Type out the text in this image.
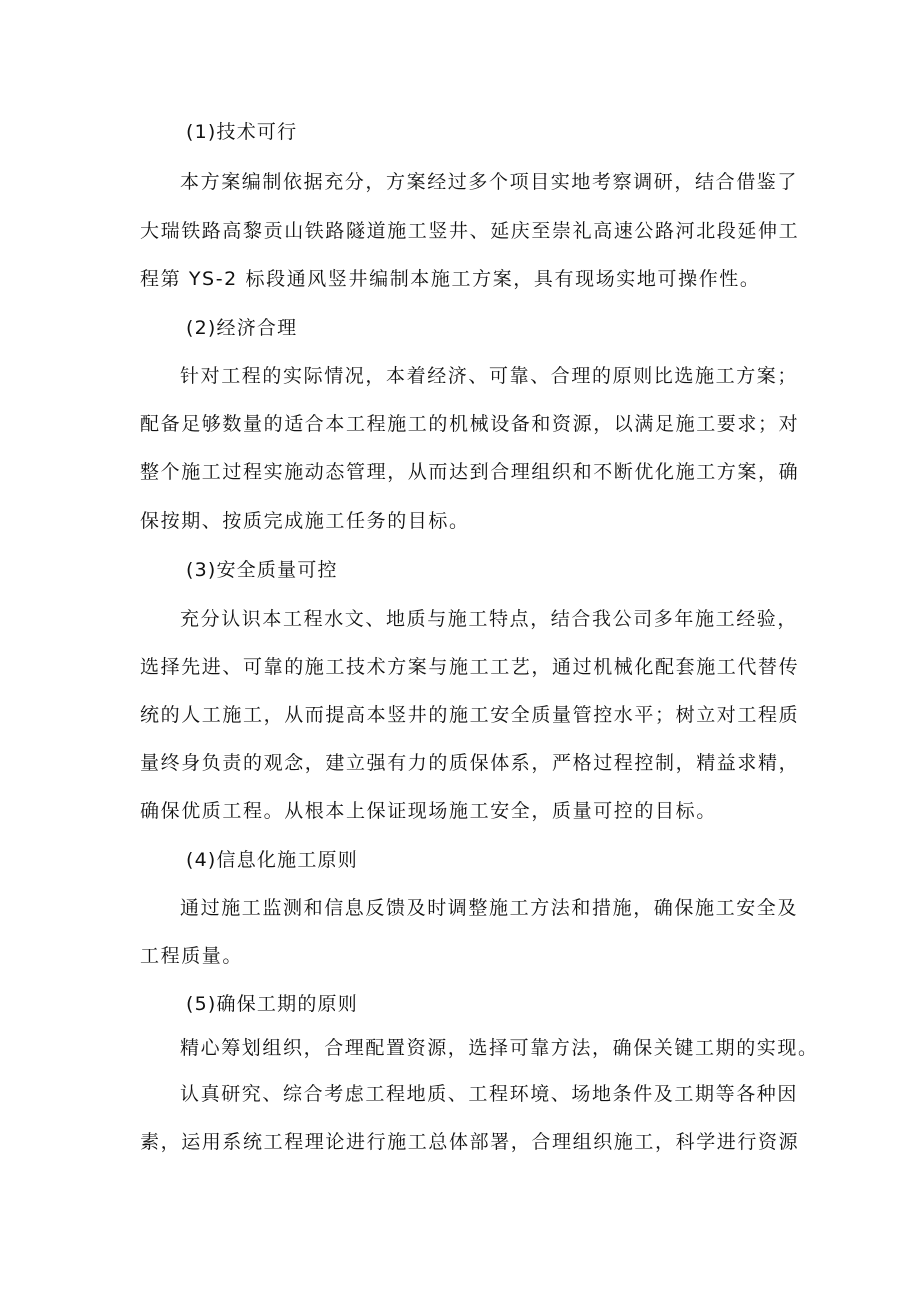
(1)技术可行
本方案编制依据充分，方案经过多个项目实地考察调研，结合借鉴了
大瑞铁路高黎贡山铁路隧道施工竖井、延庆至崇礼高速公路河北段延伸工
程第 YS-2 标段通风竖井编制本施工方案，具有现场实地可操作性。
(2)经济合理
针对工程的实际情况，本着经济、可靠、合理的原则比选施工方案；
配备足够数量的适合本工程施工的机械设备和资源，以满足施工要求；对
整个施工过程实施动态管理，从而达到合理组织和不断优化施工方案，确
保按期、按质完成施工任务的目标。
(3)安全质量可控
充分认识本工程水文、地质与施工特点，结合我公司多年施工经验，
选择先进、可靠的施工技术方案与施工工艺，通过机械化配套施工代替传
统的人工施工，从而提高本竖井的施工安全质量管控水平；树立对工程质
量终身负责的观念，建立强有力的质保体系，严格过程控制，精益求精，
确保优质工程。从根本上保证现场施工安全，质量可控的目标。
(4)信息化施工原则
通过施工监测和信息反馈及时调整施工方法和措施，确保施工安全及
工程质量。
(5)确保工期的原则
精心筹划组织，合理配置资源，选择可靠方法，确保关键工期的实现。
认真研究、综合考虑工程地质、工程环境、场地条件及工期等各种因
素，运用系统工程理论进行施工总体部署，合理组织施工，科学进行资源
